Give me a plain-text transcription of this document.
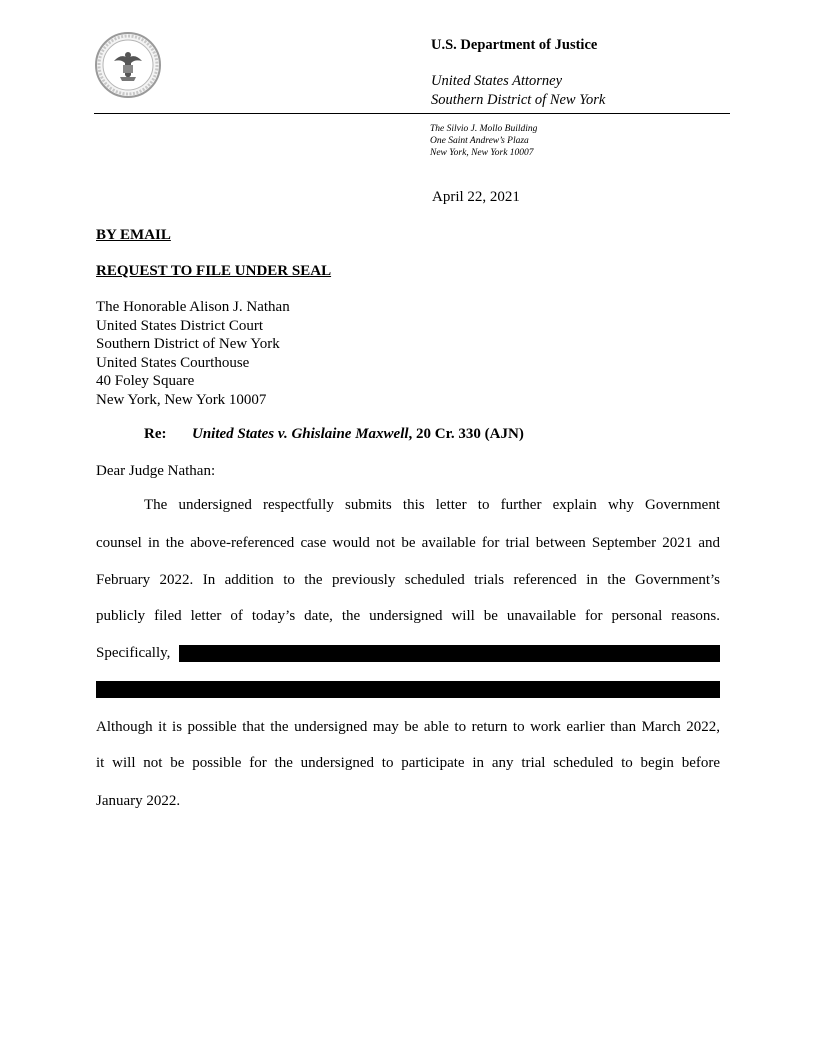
U.S. Department of Justice
United States Attorney
Southern District of New York
The Silvio J. Mollo Building
One Saint Andrew’s Plaza
New York, New York 10007
April 22, 2021
BY EMAIL
REQUEST TO FILE UNDER SEAL
The Honorable Alison J. Nathan
United States District Court
Southern District of New York
United States Courthouse
40 Foley Square
New York, New York 10007
Re: United States v. Ghislaine Maxwell, 20 Cr. 330 (AJN)
Dear Judge Nathan:
The undersigned respectfully submits this letter to further explain why Government
counsel in the above-referenced case would not be available for trial between September 2021 and
February 2022. In addition to the previously scheduled trials referenced in the Government’s
publicly filed letter of today’s date, the undersigned will be unavailable for personal reasons.
Specifically,
Although it is possible that the undersigned may be able to return to work earlier than March 2022,
it will not be possible for the undersigned to participate in any trial scheduled to begin before
January 2022.
